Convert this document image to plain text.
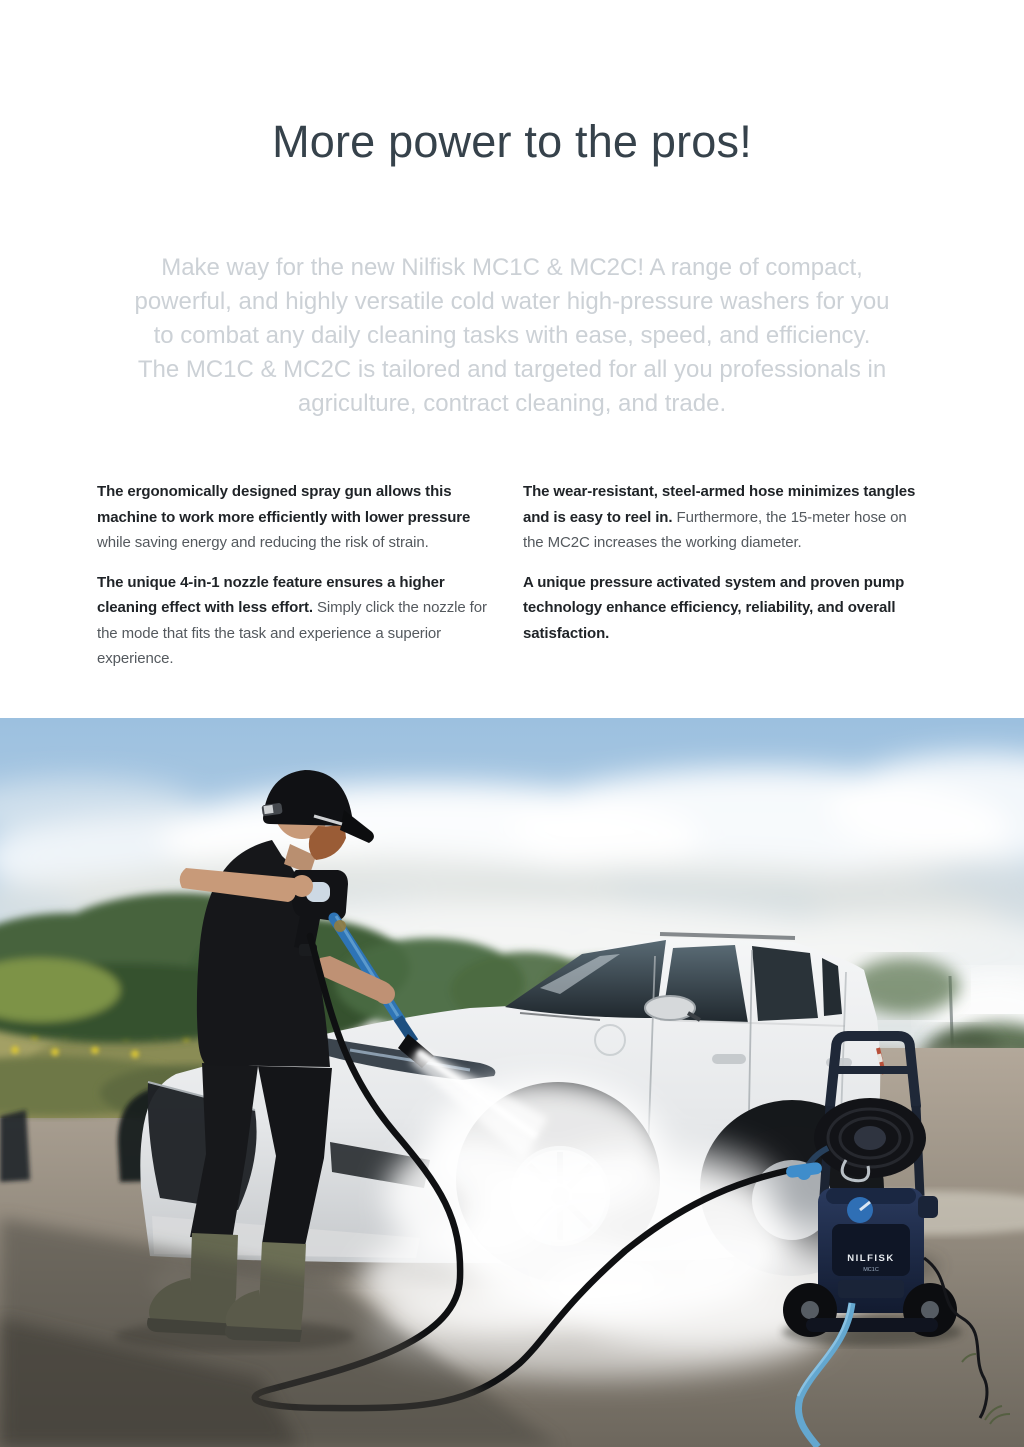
More power to the pros!
Make way for the new Nilfisk MC1C & MC2C! A range of compact,
powerful, and highly versatile cold water high-pressure washers for you
to combat any daily cleaning tasks with ease, speed, and efficiency.
The MC1C & MC2C is tailored and targeted for all you professionals in
agriculture, contract cleaning, and trade.

The ergonomically designed spray gun allows this machine to work more efficiently with lower pressure while saving energy and reducing the risk of strain.

The unique 4-in-1 nozzle feature ensures a higher cleaning effect with less effort. Simply click the nozzle for the mode that fits the task and experience a superior experience.

The wear-resistant, steel-armed hose minimizes tangles and is easy to reel in. Furthermore, the 15-meter hose on the MC2C increases the working diameter.

A unique pressure activated system and proven pump technology enhance efficiency, reliability, and overall satisfaction.

NILFISK
MC1C
